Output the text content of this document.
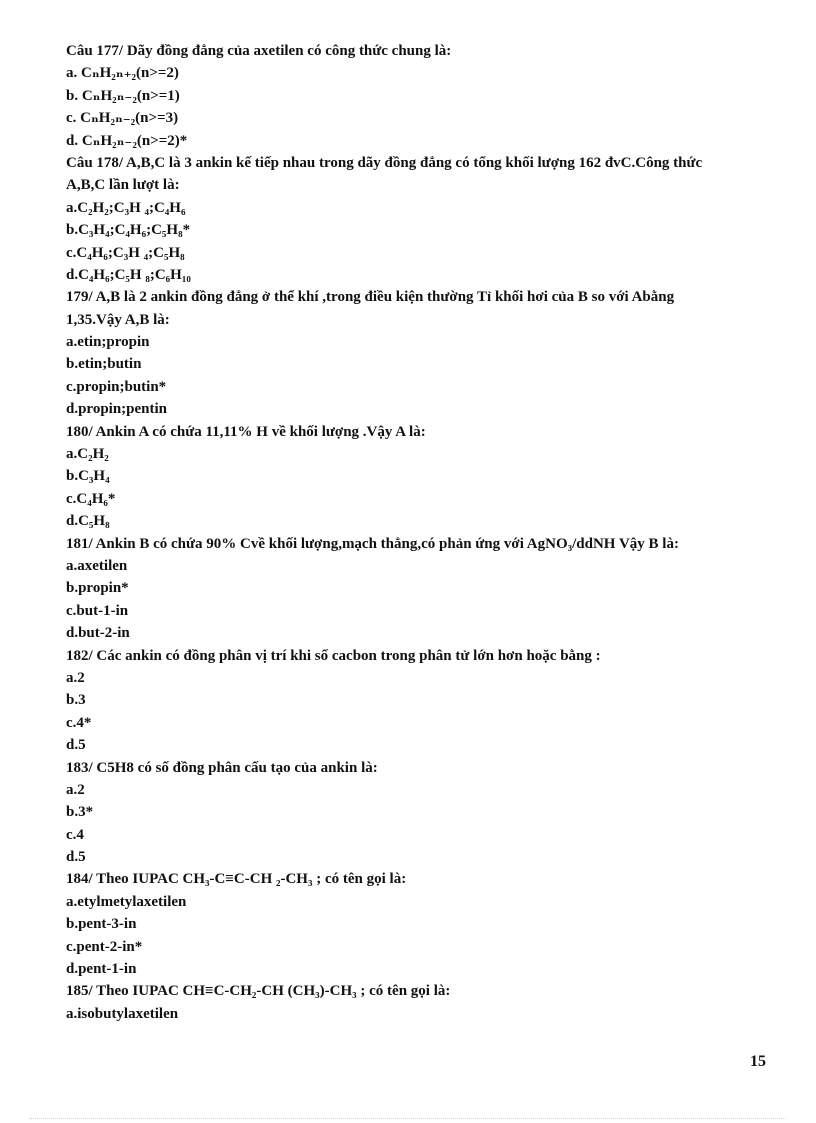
Câu 177/ Dãy đồng đẳng của axetilen có công thức chung là:
a. CₙH₂ₙ₊₂(n>=2)
b. CₙH₂ₙ₋₂(n>=1)
c. CₙH₂ₙ₋₂(n>=3)
d. CₙH₂ₙ₋₂(n>=2)*
Câu 178/ A,B,C là 3 ankin kế tiếp nhau trong dãy đồng đẳng có tổng khối lượng 162 đvC.Công thức
A,B,C lần lượt là:
a.C₂H₂;C₃H ₄;C₄H₆
b.C₃H₄;C₄H₆;C₅H₈*
c.C₄H₆;C₃H ₄;C₅H₈
d.C₄H₆;C₅H ₈;C₆H₁₀
179/ A,B là 2 ankin đồng đẳng ở thể khí ,trong điều kiện thường Tỉ khối hơi của B so với Abằng
1,35.Vậy A,B là:
a.etin;propin
b.etin;butin
c.propin;butin*
d.propin;pentin
180/ Ankin A có chứa 11,11% H về khối lượng .Vậy A là:
a.C₂H₂
b.C₃H₄
c.C₄H₆*
d.C₅H₈
181/ Ankin B có chứa 90% Cvề khối lượng,mạch thẳng,có phản ứng với AgNO₃/ddNH Vậy B là:
a.axetilen
b.propin*
c.but-1-in
d.but-2-in
182/ Các ankin có đồng phân vị trí khi số cacbon trong phân tử lớn hơn hoặc bằng :
a.2
b.3
c.4*
d.5
183/ C5H8 có số đồng phân cấu tạo của ankin là:
a.2
b.3*
c.4
d.5
184/ Theo IUPAC CH₃-C≡C-CH ₂-CH₃ ; có tên gọi là:
a.etylmetylaxetilen
b.pent-3-in
c.pent-2-in*
d.pent-1-in
185/ Theo IUPAC CH≡C-CH₂-CH (CH₃)-CH₃ ; có tên gọi là:
a.isobutylaxetilen
15
